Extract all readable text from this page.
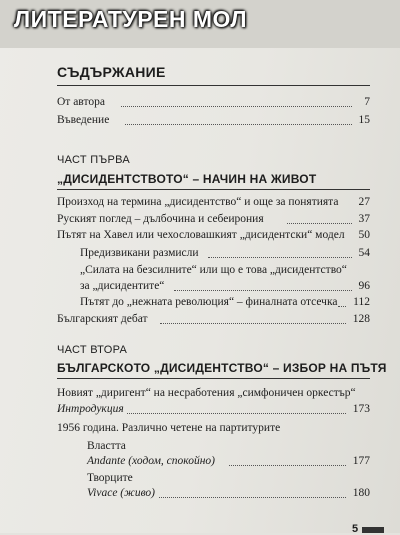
ЛИТЕРАТУРЕН МОЛ
СЪДЪРЖАНИЕ
От автора	7
Въведение	15
ЧАСТ ПЪРВА
„ДИСИДЕНТСТВОТО“ – НАЧИН НА ЖИВОТ
Произход на термина „дисидентство“ и още за понятията 27
Руският поглед – дълбочина и себеирония	37
Пътят на Хавел или чехословашкият „дисидентски“ модел 50
Предизвикани размисли	54
„Силата на безсилните“ или що е това „дисидентство“
за „дисидентите“	96
Пътят до „нежната революция“ – финалната отсечка 112
Българският дебат	128
ЧАСТ ВТОРА
БЪЛГАРСКОТО „ДИСИДЕНТСТВО“ – ИЗБОР НА ПЪТЯ
Новият „диригент“ на несработения „симфоничен оркестър“
Интродукция	173
1956 година. Различно четене на партитурите
Властта
Andante (ходом, спокойно)	177
Творците
Vivace (живо)	180
5
